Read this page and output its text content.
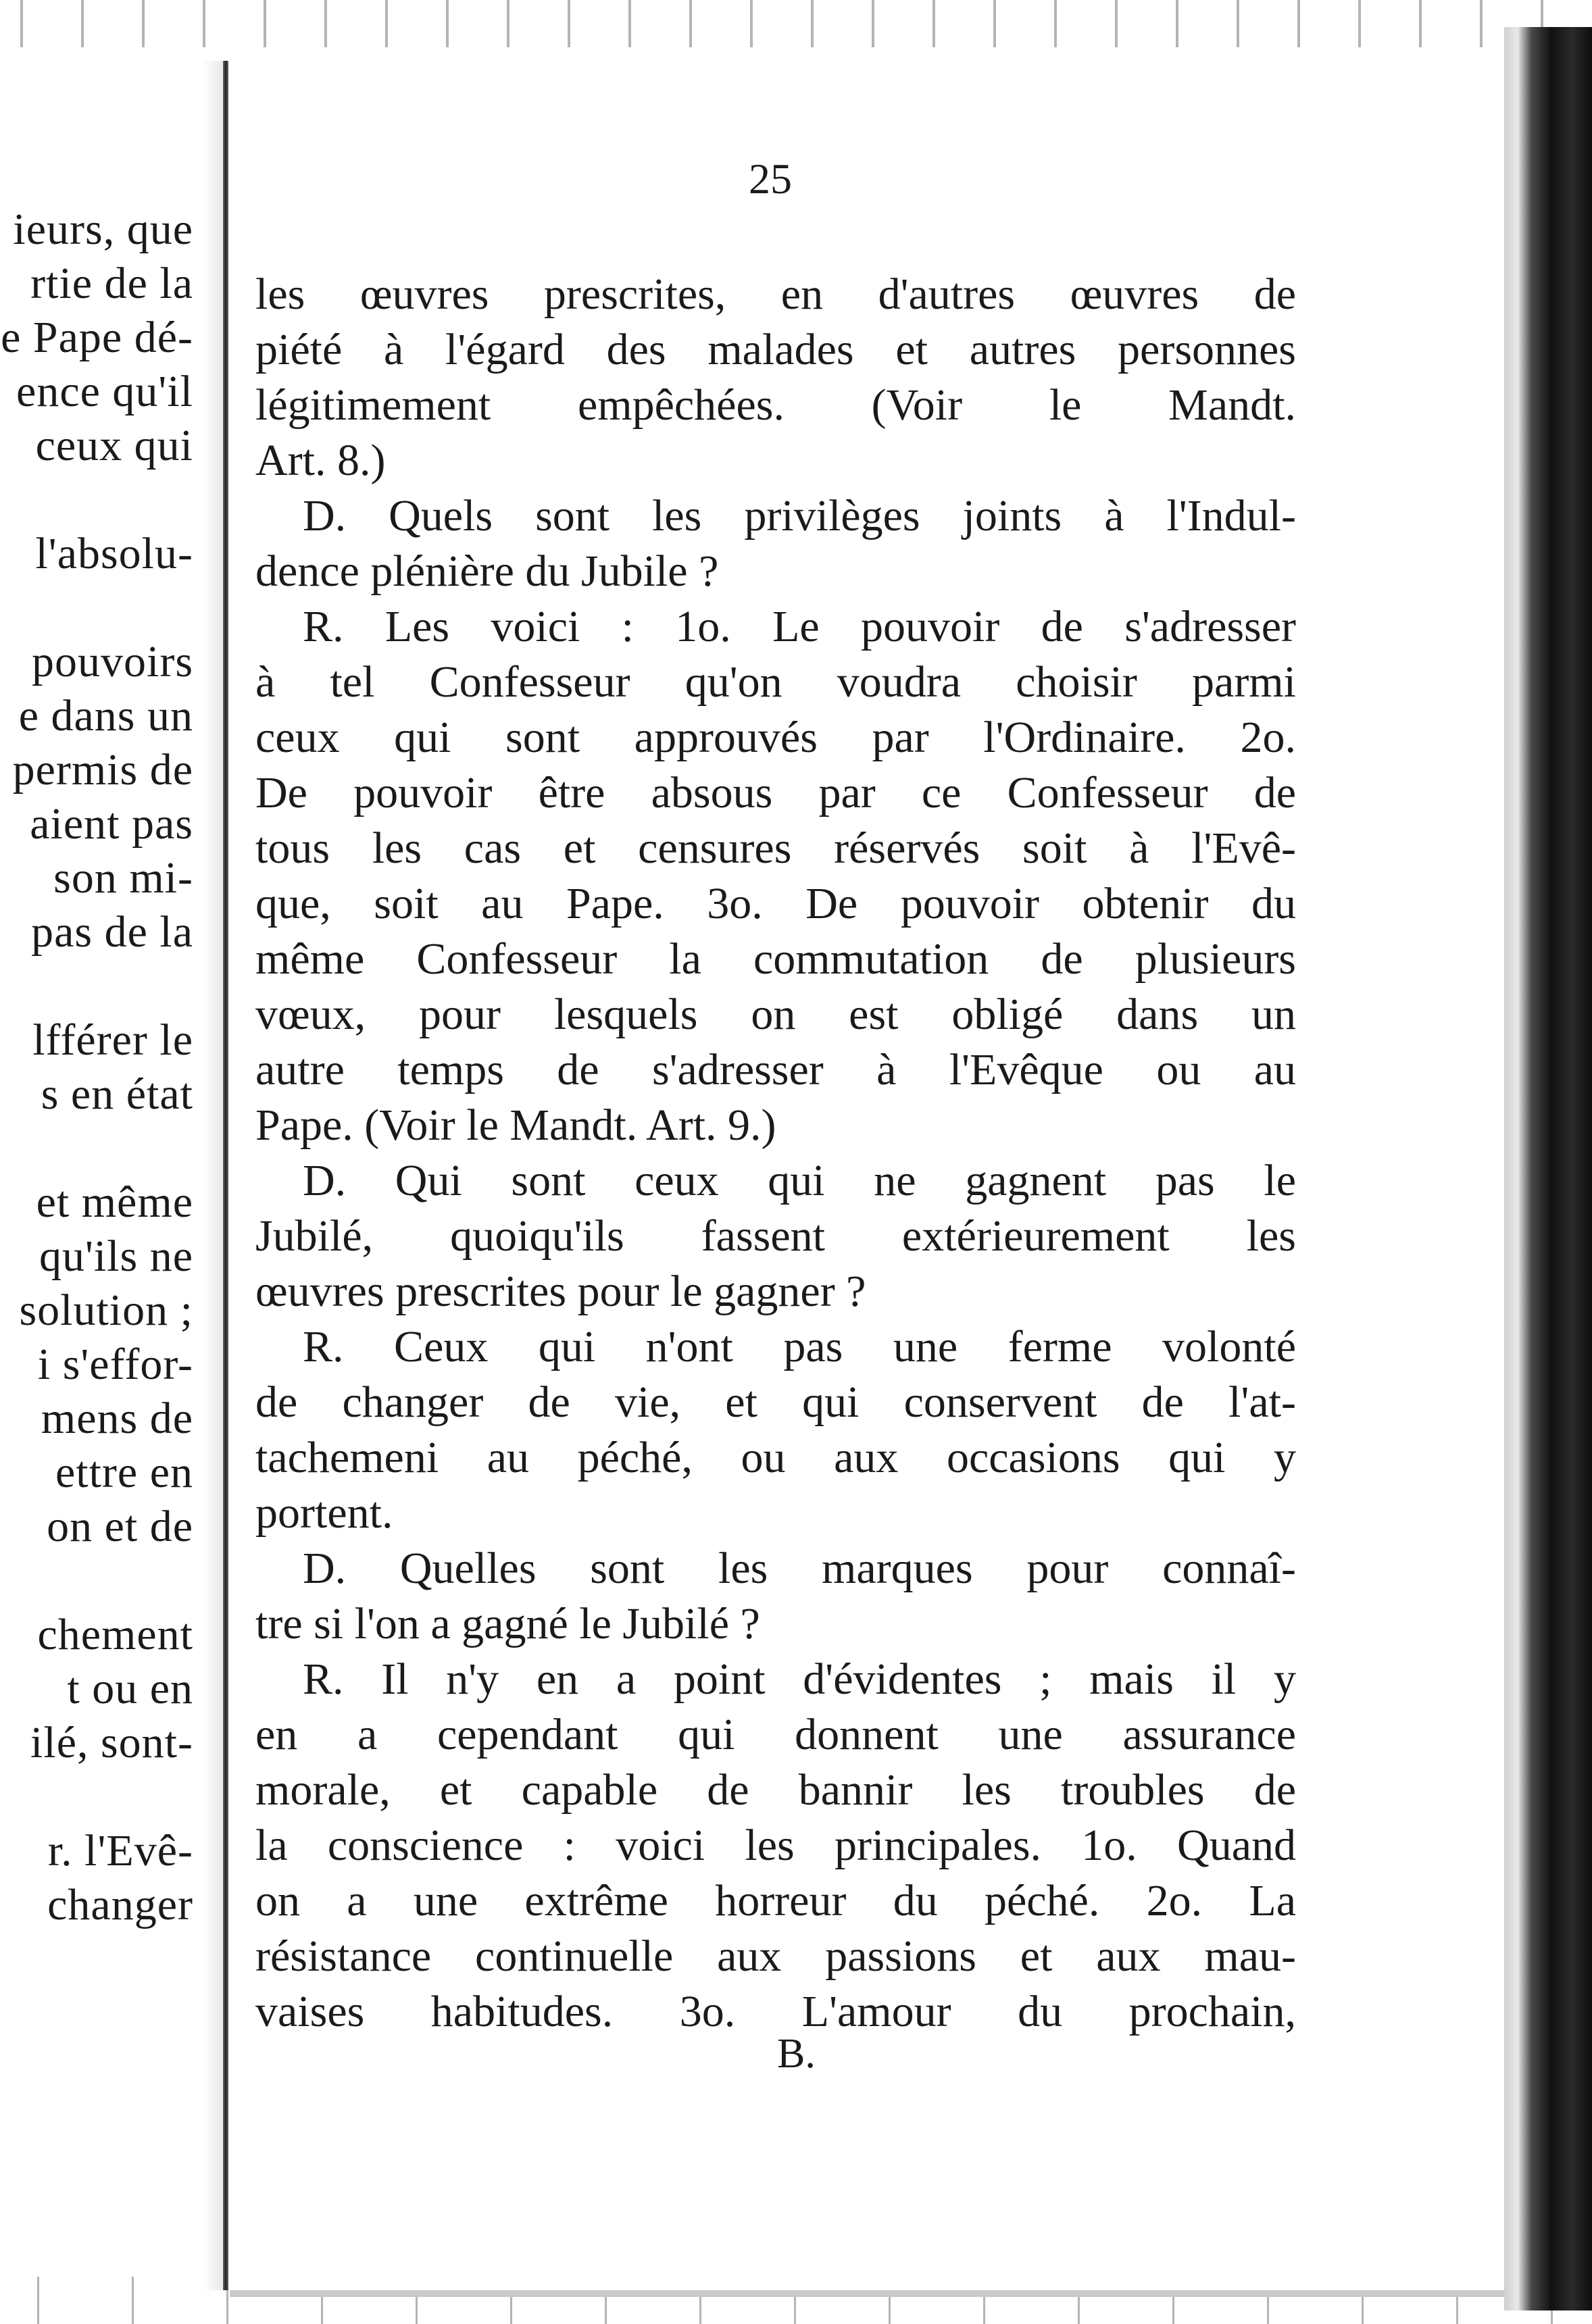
ieurs, que
rtie de la
e Pape dé-
ence qu'il
ceux qui
l'absolu-
pouvoirs
e dans un
permis de
aient pas
son mi-
pas de la
lfférer le
s en état
et même
qu'ils ne
solution ;
i s'effor-
mens de
ettre en
on et de
chement
t ou en
ilé, sont-
r. l'Evê-
changer
25
les œuvres prescrites, en d'autres œuvres de
piété à l'égard des malades et autres personnes
légitimement empêchées. (Voir le Mandt.
Art. 8.)
D. Quels sont les privilèges joints à l'Indul-
dence plénière du Jubile ?
R. Les voici : 1o. Le pouvoir de s'adresser
à tel Confesseur qu'on voudra choisir parmi
ceux qui sont approuvés par l'Ordinaire. 2o.
De pouvoir être absous par ce Confesseur de
tous les cas et censures réservés soit à l'Evê-
que, soit au Pape. 3o. De pouvoir obtenir du
même Confesseur la commutation de plusieurs
vœux, pour lesquels on est obligé dans un
autre temps de s'adresser à l'Evêque ou au
Pape. (Voir le Mandt. Art. 9.)
D. Qui sont ceux qui ne gagnent pas le
Jubilé, quoiqu'ils fassent extérieurement les
œuvres prescrites pour le gagner ?
R. Ceux qui n'ont pas une ferme volonté
de changer de vie, et qui conservent de l'at-
tachemeni au péché, ou aux occasions qui y
portent.
D. Quelles sont les marques pour connaî-
tre si l'on a gagné le Jubilé ?
R. Il n'y en a point d'évidentes ; mais il y
en a cependant qui donnent une assurance
morale, et capable de bannir les troubles de
la conscience : voici les principales. 1o. Quand
on a une extrême horreur du péché. 2o. La
résistance continuelle aux passions et aux mau-
vaises habitudes. 3o. L'amour du prochain,
B.
